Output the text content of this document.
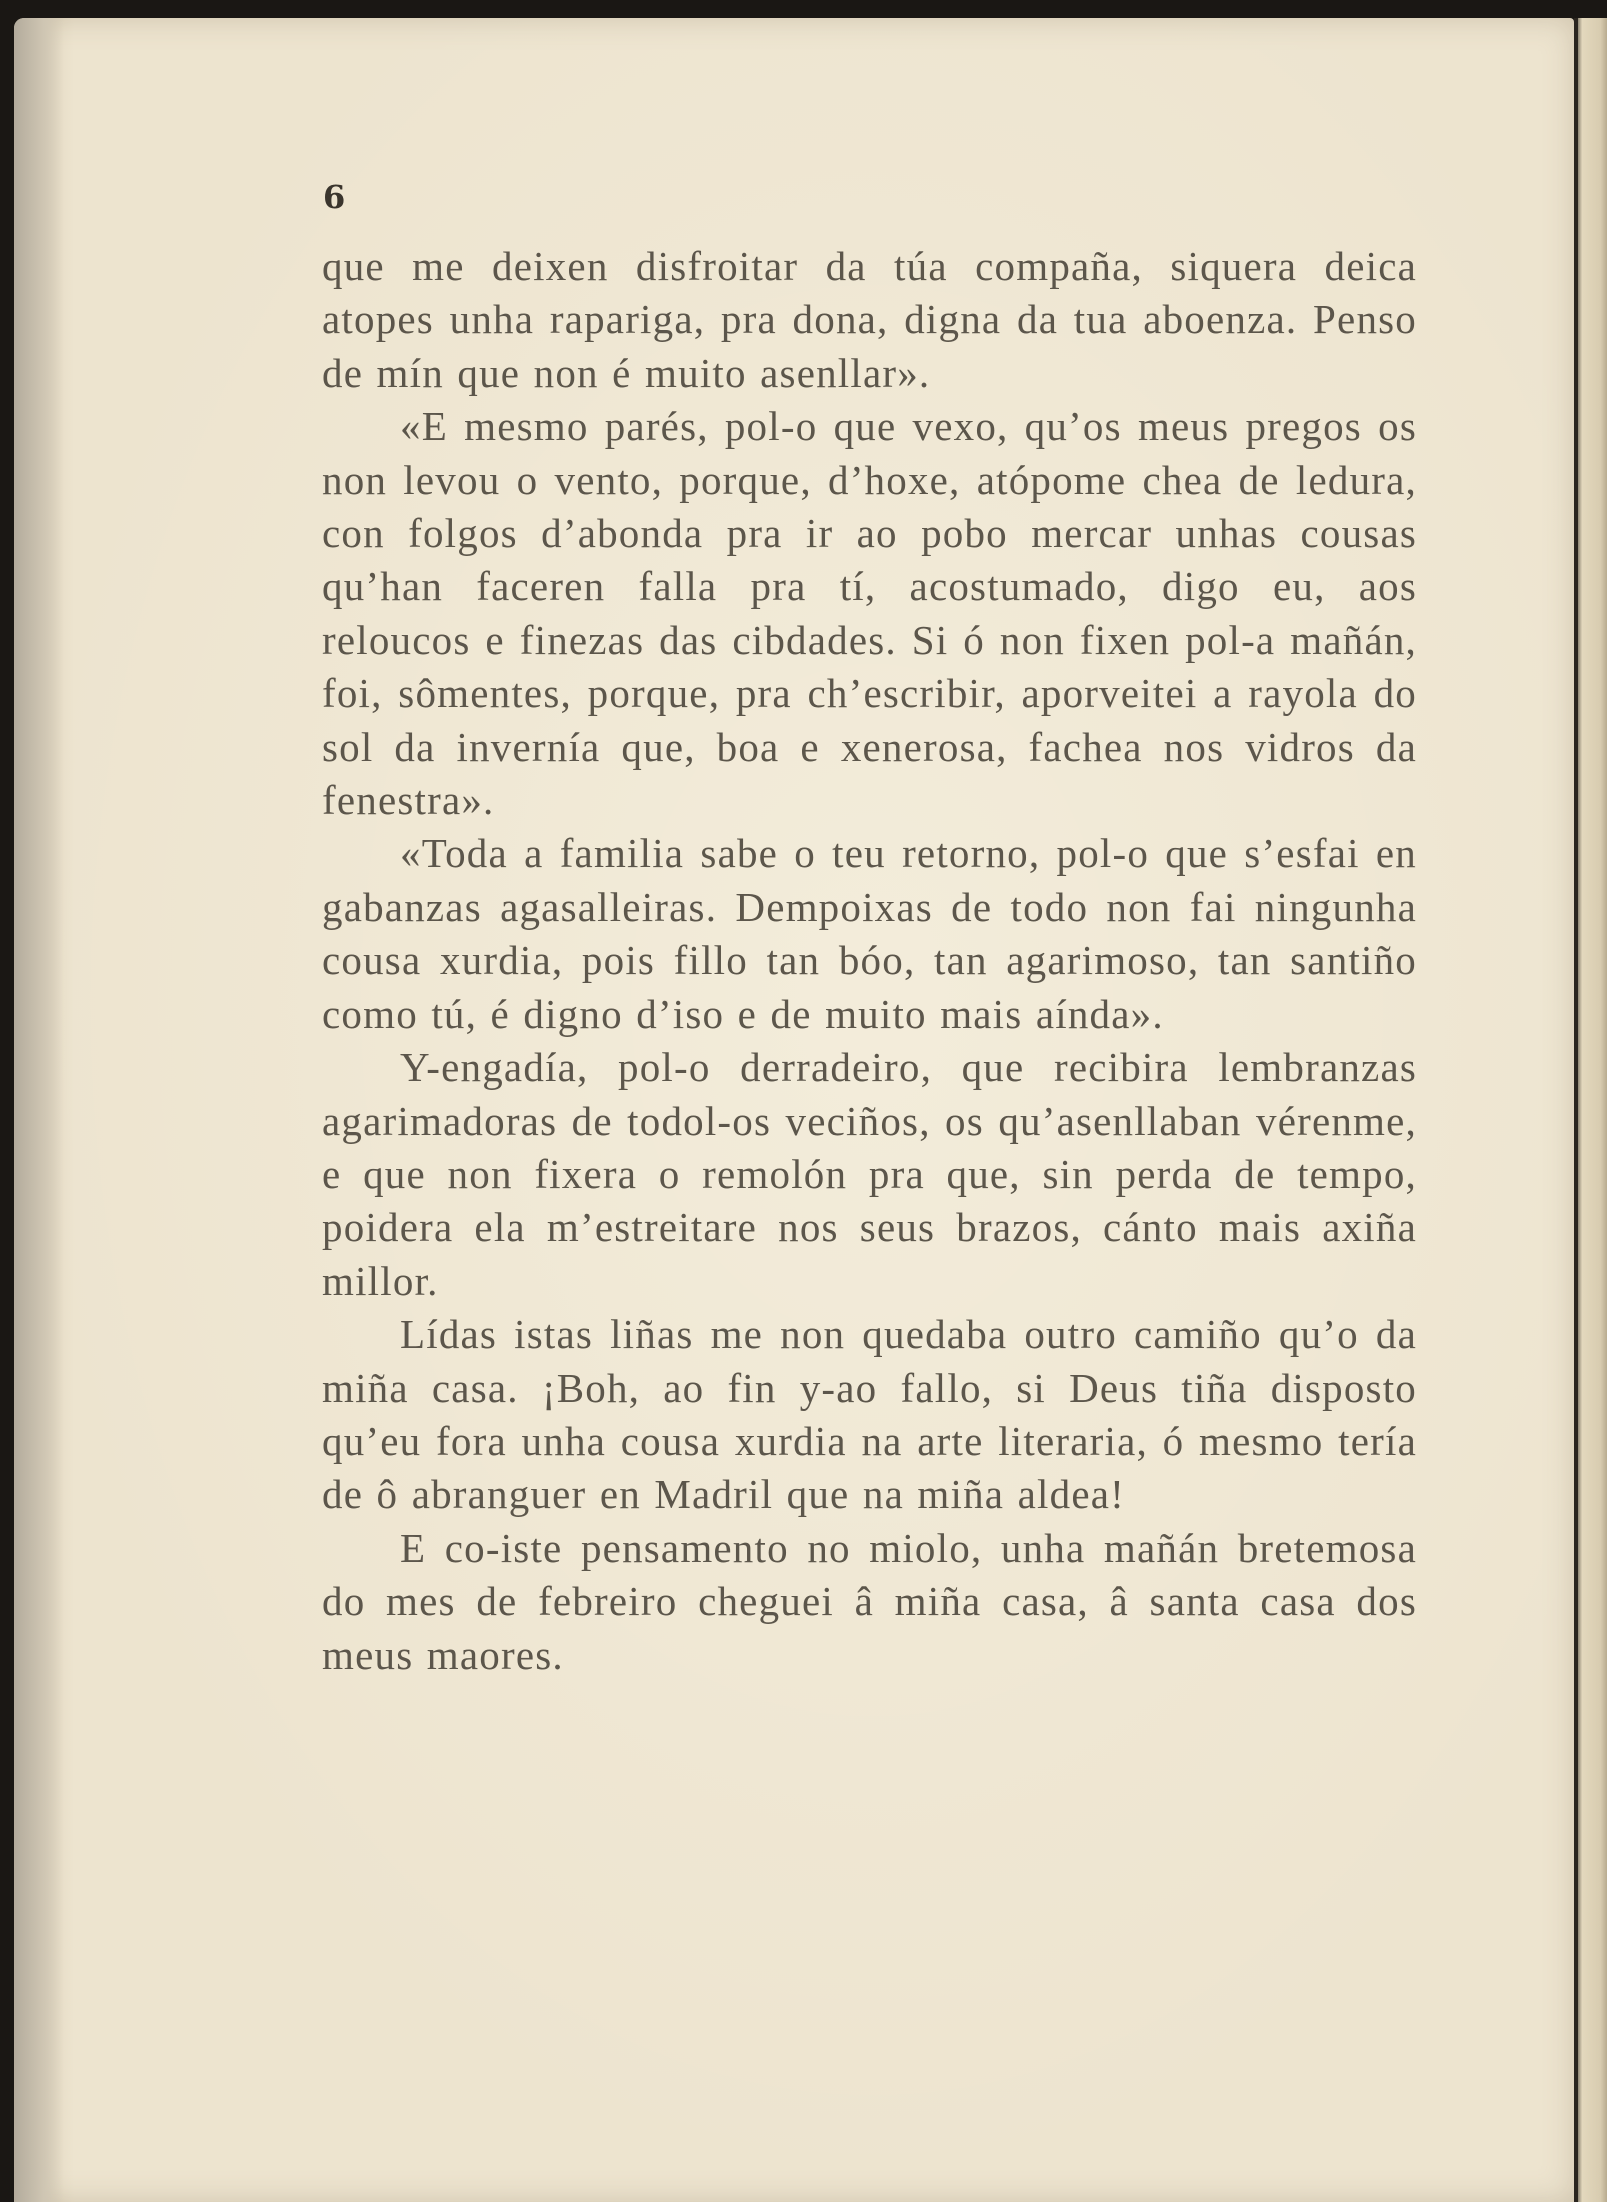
6

que me deixen disfroitar da túa compaña, siquera deica atopes unha rapariga, pra dona, digna da tua aboenza. Penso de mín que non é muito asenllar».

«E mesmo parés, pol-o que vexo, qu’os meus pregos os non levou o vento, porque, d’hoxe, atópome chea de ledura, con folgos d’abonda pra ir ao pobo mercar unhas cousas qu’han faceren falla pra tí, acostumado, digo eu, aos reloucos e finezas das cibdades. Si ó non fixen pol-a mañán, foi, sômentes, porque, pra ch’escribir, aporveitei a rayola do sol da invernía que, boa e xenerosa, fachea nos vidros da fenestra».

«Toda a familia sabe o teu retorno, pol-o que s’esfai en gabanzas agasalleiras. Dempoixas de todo non fai ningunha cousa xurdia, pois fillo tan bóo, tan agarimoso, tan santiño como tú, é digno d’iso e de muito mais aínda».

Y-engadía, pol-o derradeiro, que recibira lembranzas agarimadoras de todol-os veciños, os qu’asenllaban vérenme, e que non fixera o remolón pra que, sin perda de tempo, poidera ela m’estreitare nos seus brazos, cánto mais axiña millor.

Lídas istas liñas me non quedaba outro camiño qu’o da miña casa. ¡Boh, ao fin y-ao fallo, si Deus tiña disposto qu’eu fora unha cousa xurdia na arte literaria, ó mesmo tería de ô abranguer en Madril que na miña aldea!

E co-iste pensamento no miolo, unha mañán bretemosa do mes de febreiro cheguei â miña casa, â santa casa dos meus maores.
